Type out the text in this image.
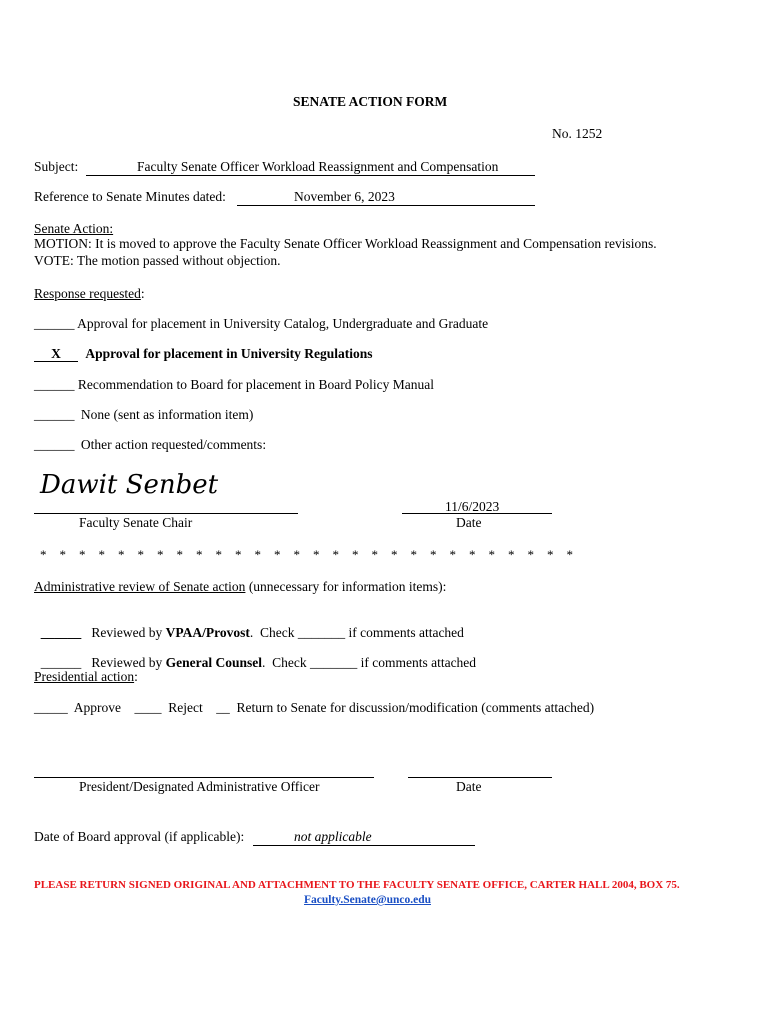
SENATE ACTION FORM
No. 1252
Subject:	Faculty Senate Officer Workload Reassignment and Compensation
Reference to Senate Minutes dated:	November 6, 2023
Senate Action:
MOTION: It is moved to approve the Faculty Senate Officer Workload Reassignment and Compensation revisions.
VOTE: The motion passed without objection.
Response requested:
______ Approval for placement in University Catalog, Undergraduate and Graduate
X Approval for placement in University Regulations
______ Recommendation to Board for placement in Board Policy Manual
______ None (sent as information item)
______ Other action requested/comments:
Dawit Senbet
Faculty Senate Chair
11/6/2023
Date
*    *    *    *    *    *    *    *    *    *    *    *    *    *    *    *    *    *    *    *    *    *    *    *    *    *    *    *
Administrative review of Senate action (unnecessary for information items):

______ Reviewed by VPAA/Provost.  Check _______ if comments attached

______ Reviewed by General Counsel.  Check _______ if comments attached

Presidential action:
_____  Approve    ____  Reject    __  Return to Senate for discussion/modification (comments attached)
President/Designated Administrative Officer	Date
Date of Board approval (if applicable):	not applicable
PLEASE RETURN SIGNED ORIGINAL AND ATTACHMENT TO THE FACULTY SENATE OFFICE, CARTER HALL 2004, BOX 75.
Faculty.Senate@unco.edu
